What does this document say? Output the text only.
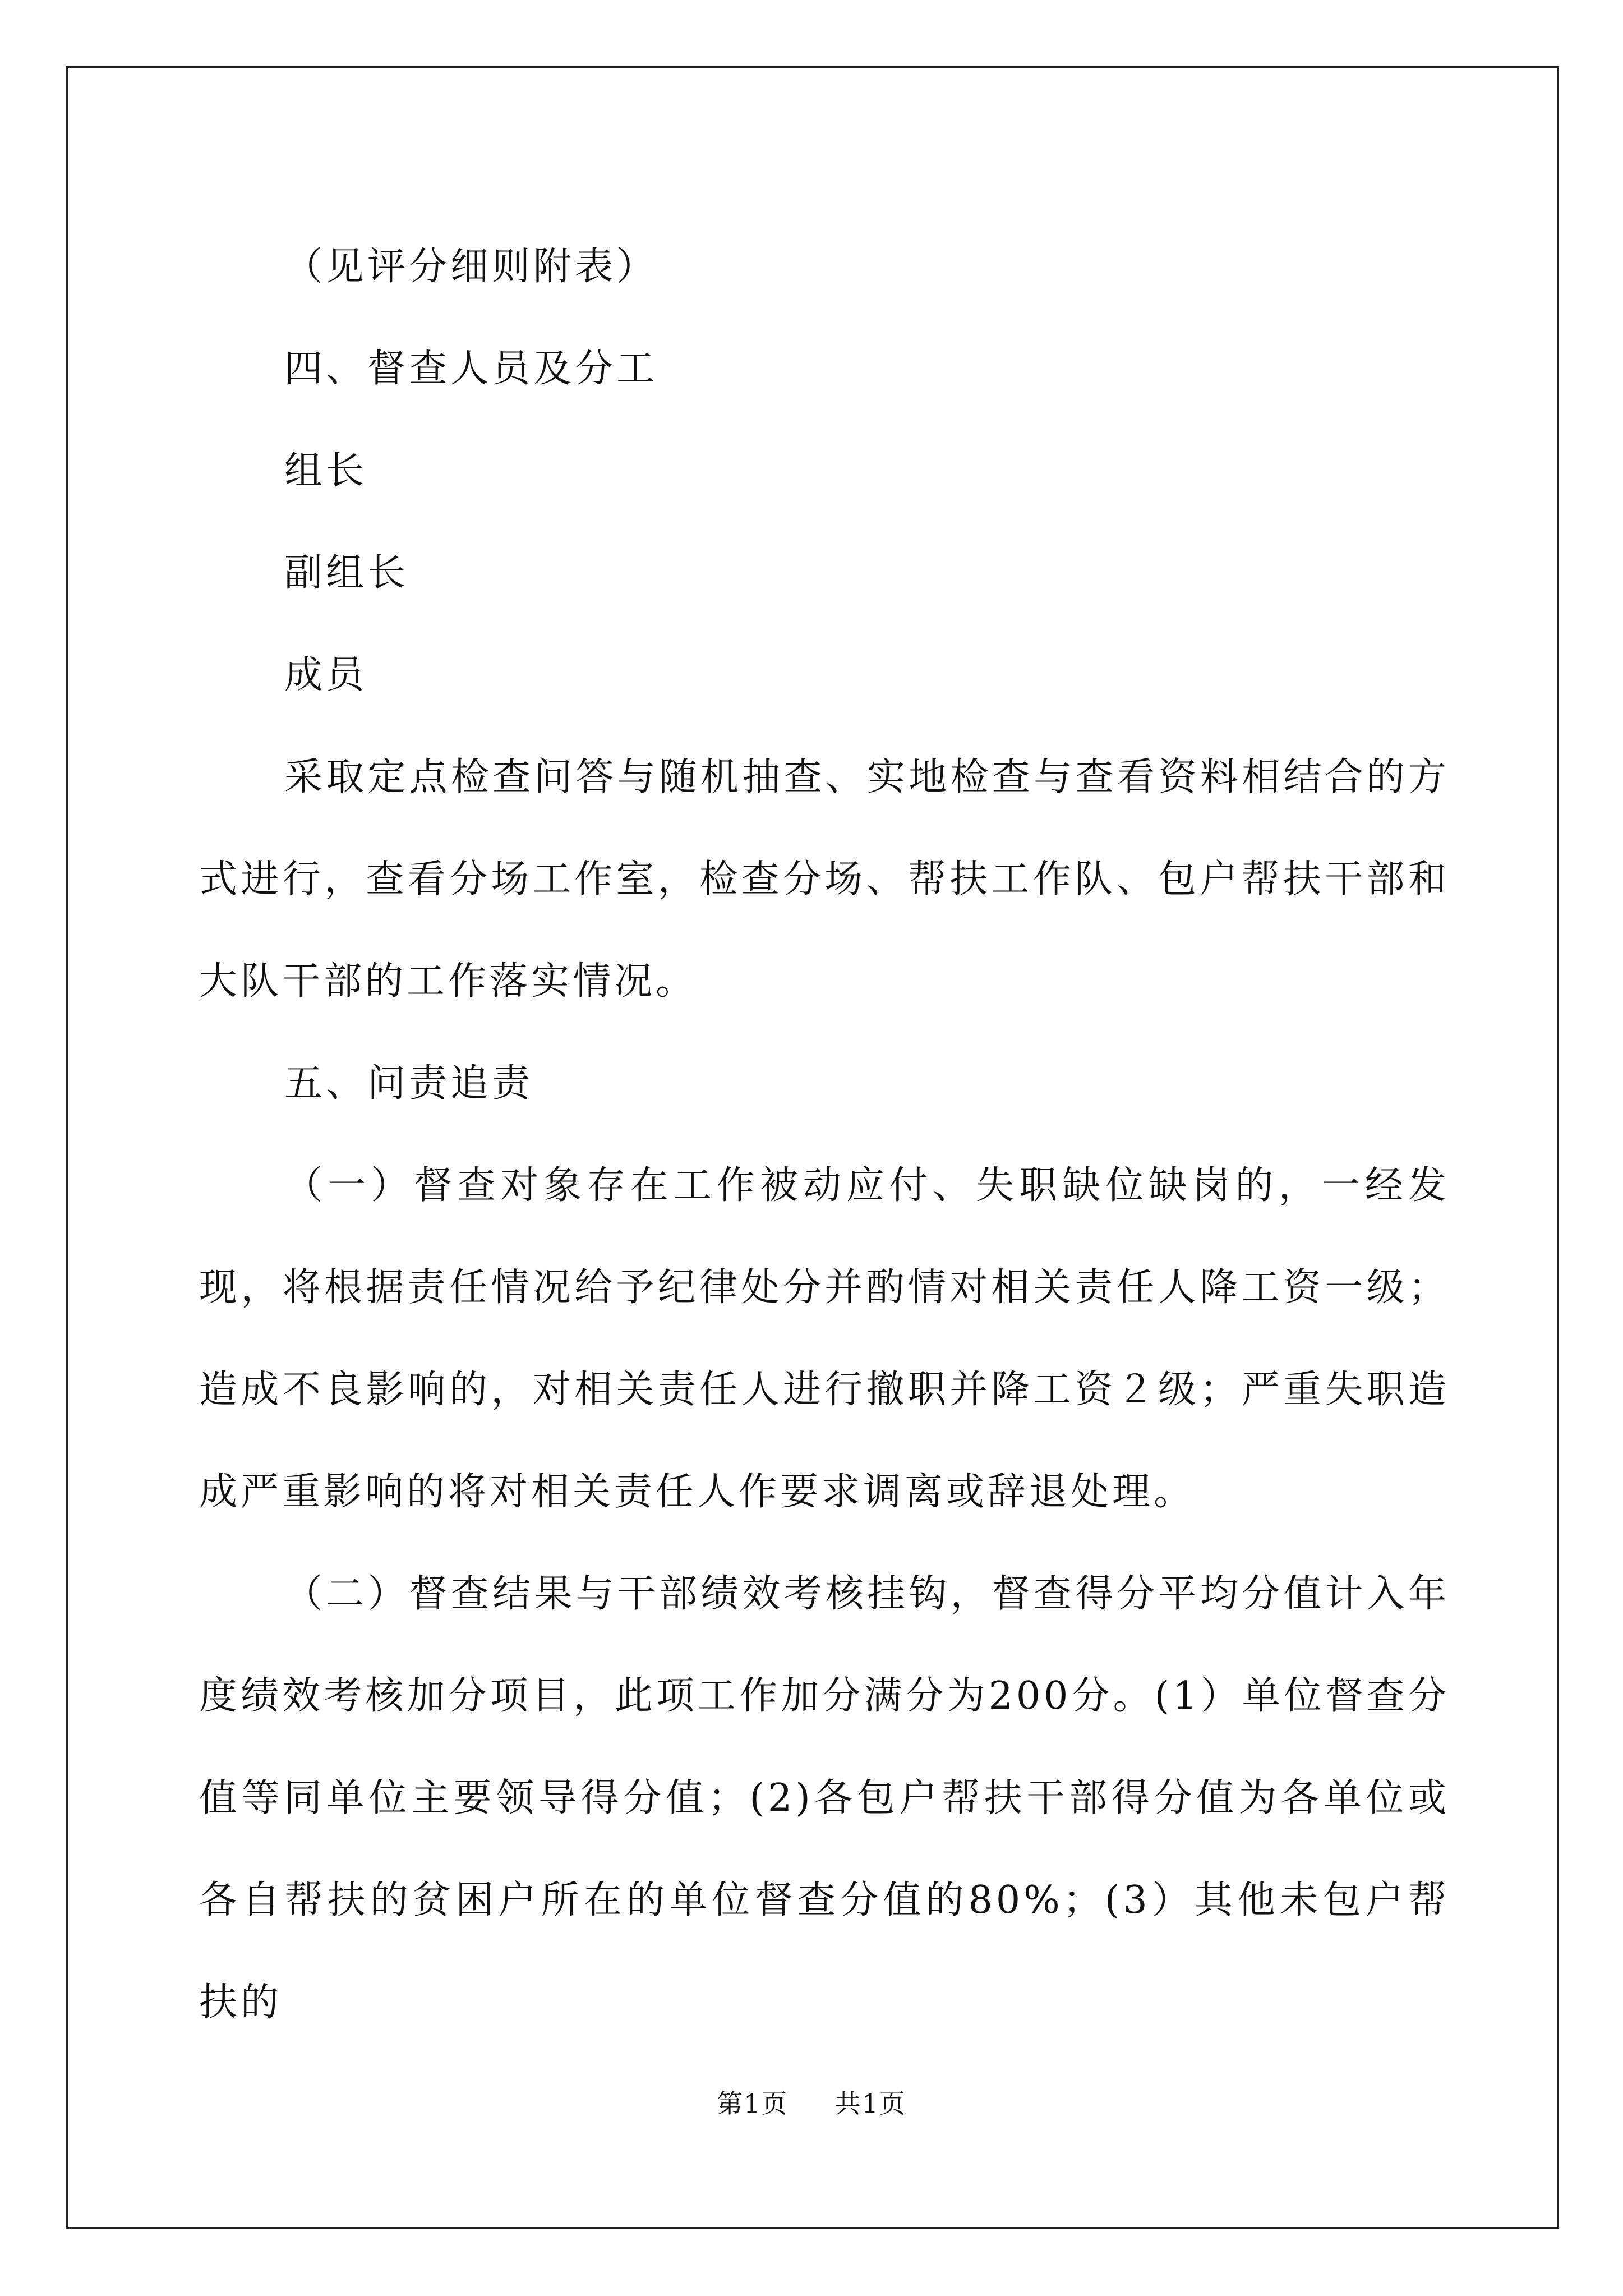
（见评分细则附表）

四、督查人员及分工

组长

副组长

成员

采取定点检查问答与随机抽查、实地检查与查看资料相结合的方式进行，查看分场工作室，检查分场、帮扶工作队、包户帮扶干部和大队干部的工作落实情况。

五、问责追责

（一）督查对象存在工作被动应付、失职缺位缺岗的，一经发现，将根据责任情况给予纪律处分并酌情对相关责任人降工资一级；造成不良影响的，对相关责任人进行撤职并降工资２级；严重失职造成严重影响的将对相关责任人作要求调离或辞退处理。

（二）督查结果与干部绩效考核挂钩，督查得分平均分值计入年度绩效考核加分项目，此项工作加分满分为200分。(1）单位督查分值等同单位主要领导得分值；(2)各包户帮扶干部得分值为各单位或各自帮扶的贫困户所在的单位督查分值的80%；(3）其他未包户帮扶的

第1页 共1页
